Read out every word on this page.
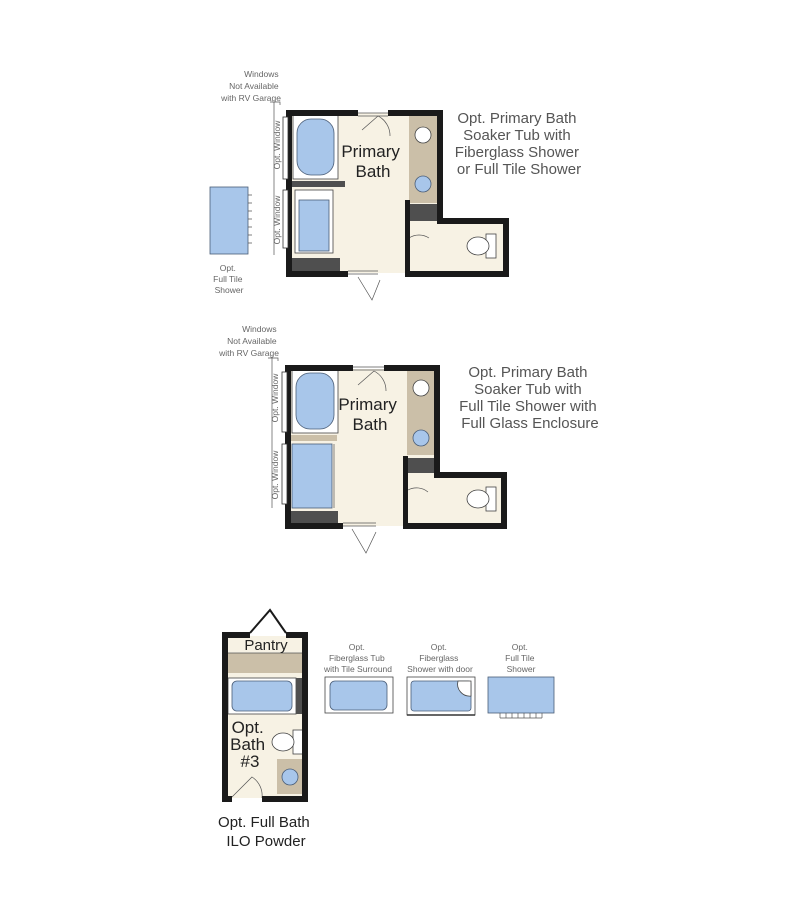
Windows Not Available with RV Garage
Opt. Window
Opt. Window
Primary Bath
Opt. Primary Bath Soaker Tub with Fiberglass Shower or Full Tile Shower
Opt. Full Tile Shower
Windows Not Available with RV Garage
Opt. Window
Opt. Window
Primary Bath
Opt. Primary Bath Soaker Tub with Full Tile Shower with Full Glass Enclosure
Pantry
Opt. Bath #3
Opt. Full Bath ILO Powder
Opt. Fiberglass Tub with Tile Surround
Opt. Fiberglass Shower with door
Opt. Full Tile Shower
